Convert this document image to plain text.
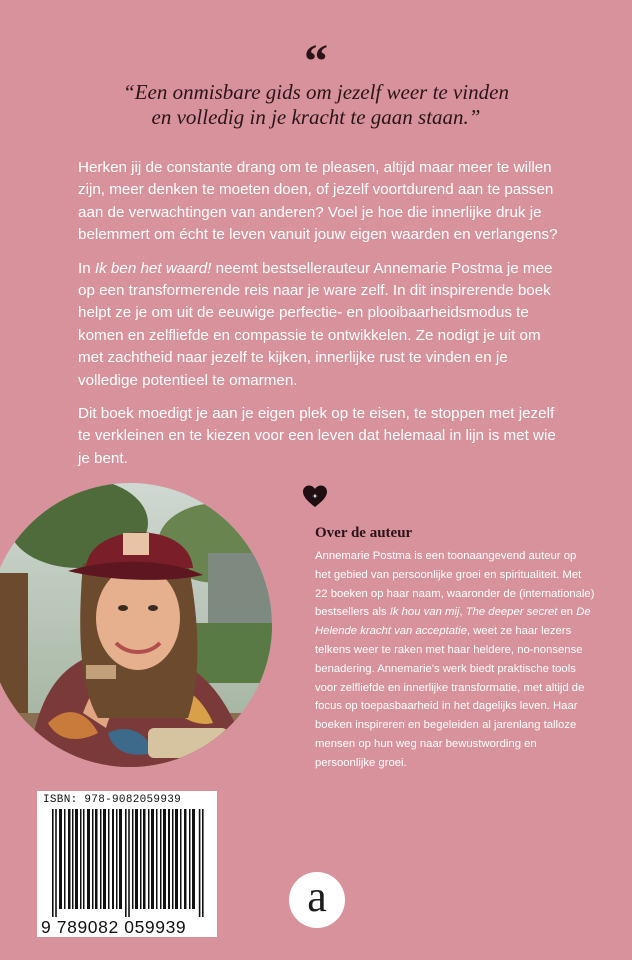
“
“Een onmisbare gids om jezelf weer te vinden
en volledig in je kracht te gaan staan.”

Herken jij de constante drang om te pleasen, altijd maar meer te willen zijn, meer denken te moeten doen, of jezelf voortdurend aan te passen aan de verwachtingen van anderen? Voel je hoe die innerlijke druk je belemmert om écht te leven vanuit jouw eigen waarden en verlangens?

In Ik ben het waard! neemt bestsellerauteur Annemarie Postma je mee op een transformerende reis naar je ware zelf. In dit inspirerende boek helpt ze je om uit de eeuwige perfectie- en plooibaarheidsmodus te komen en zelfliefde en compassie te ontwikkelen. Ze nodigt je uit om met zachtheid naar jezelf te kijken, innerlijke rust te vinden en je volledige potentieel te omarmen.

Dit boek moedigt je aan je eigen plek op te eisen, te stoppen met jezelf te verkleinen en te kiezen voor een leven dat helemaal in lijn is met wie je bent.

Over de auteur
Annemarie Postma is een toonaangevend auteur op het gebied van persoonlijke groei en spiritualiteit. Met 22 boeken op haar naam, waaronder de (internationale) bestsellers als Ik hou van mij, The deeper secret en De Helende kracht van acceptatie, weet ze haar lezers telkens weer te raken met haar heldere, no-nonsense benadering. Annemarie's werk biedt praktische tools voor zelfliefde en innerlijke transformatie, met altijd de focus op toepasbaarheid in het dagelijks leven. Haar boeken inspireren en begeleiden al jarenlang talloze mensen op hun weg naar bewustwording en persoonlijke groei.
ISBN: 978-9082059939
9 789082 059939
a
